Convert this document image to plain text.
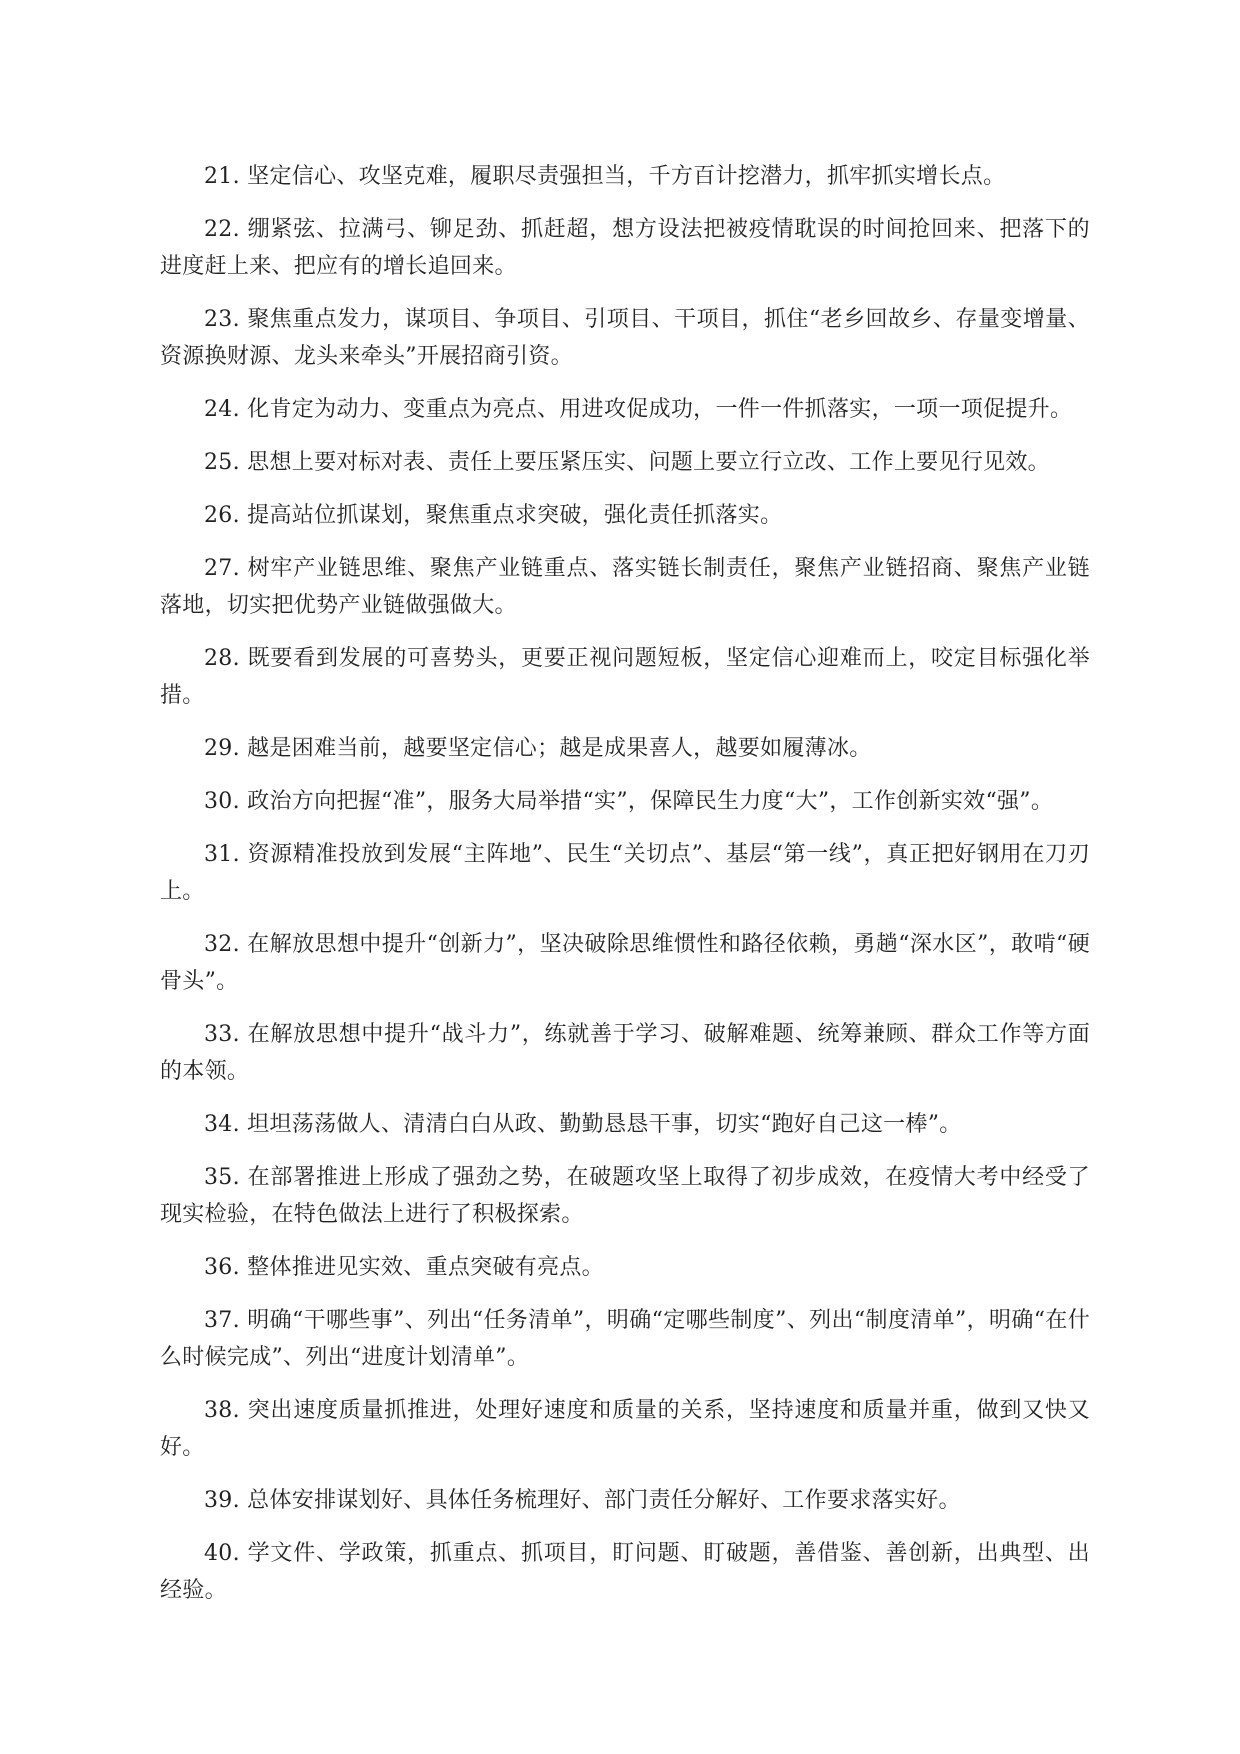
21. 坚定信心、攻坚克难，履职尽责强担当，千方百计挖潜力，抓牢抓实增长点。

22. 绷紧弦、拉满弓、铆足劲、抓赶超，想方设法把被疫情耽误的时间抢回来、把落下的进度赶上来、把应有的增长追回来。

23. 聚焦重点发力，谋项目、争项目、引项目、干项目，抓住“老乡回故乡、存量变增量、资源换财源、龙头来牵头”开展招商引资。

24. 化肯定为动力、变重点为亮点、用进攻促成功，一件一件抓落实，一项一项促提升。

25. 思想上要对标对表、责任上要压紧压实、问题上要立行立改、工作上要见行见效。

26. 提高站位抓谋划，聚焦重点求突破，强化责任抓落实。

27. 树牢产业链思维、聚焦产业链重点、落实链长制责任，聚焦产业链招商、聚焦产业链落地，切实把优势产业链做强做大。

28. 既要看到发展的可喜势头，更要正视问题短板，坚定信心迎难而上，咬定目标强化举措。

29. 越是困难当前，越要坚定信心；越是成果喜人，越要如履薄冰。

30. 政治方向把握“准”，服务大局举措“实”，保障民生力度“大”，工作创新实效“强”。

31. 资源精准投放到发展“主阵地”、民生“关切点”、基层“第一线”，真正把好钢用在刀刃上。

32. 在解放思想中提升“创新力”，坚决破除思维惯性和路径依赖，勇趟“深水区”，敢啃“硬骨头”。

33. 在解放思想中提升“战斗力”，练就善于学习、破解难题、统筹兼顾、群众工作等方面的本领。

34. 坦坦荡荡做人、清清白白从政、勤勤恳恳干事，切实“跑好自己这一棒”。

35. 在部署推进上形成了强劲之势，在破题攻坚上取得了初步成效，在疫情大考中经受了现实检验，在特色做法上进行了积极探索。

36. 整体推进见实效、重点突破有亮点。

37. 明确“干哪些事”、列出“任务清单”，明确“定哪些制度”、列出“制度清单”，明确“在什么时候完成”、列出“进度计划清单”。

38. 突出速度质量抓推进，处理好速度和质量的关系，坚持速度和质量并重，做到又快又好。

39. 总体安排谋划好、具体任务梳理好、部门责任分解好、工作要求落实好。

40. 学文件、学政策，抓重点、抓项目，盯问题、盯破题，善借鉴、善创新，出典型、出经验。
